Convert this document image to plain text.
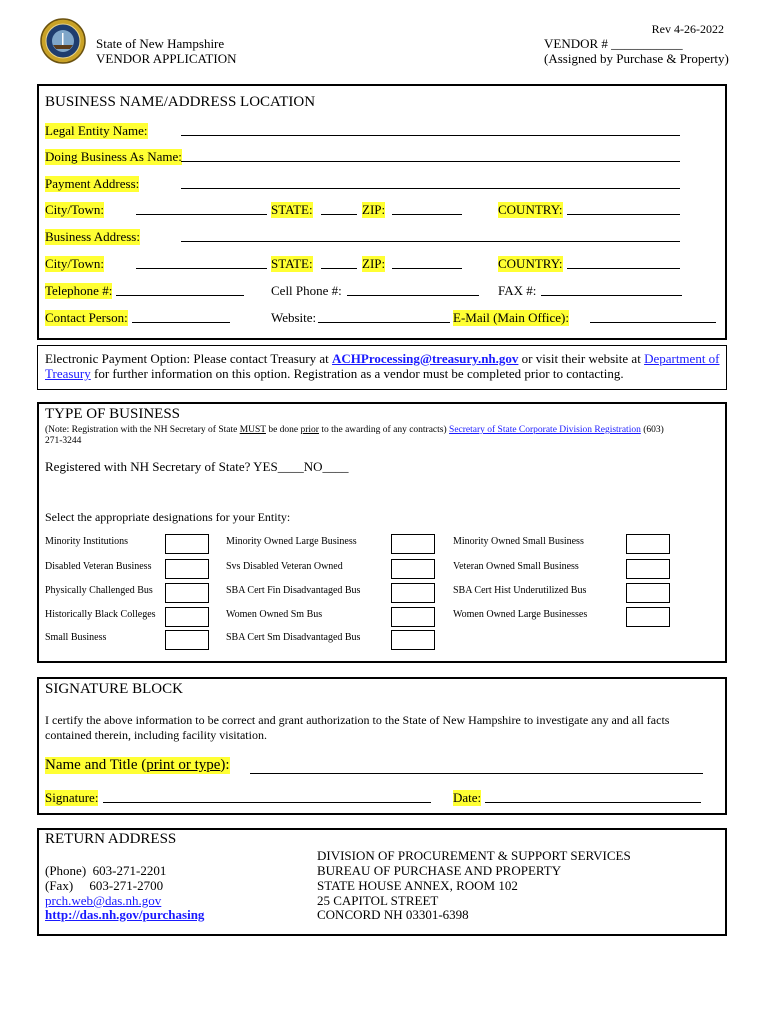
Rev 4-26-2022
State of New Hampshire
VENDOR APPLICATION
VENDOR # ___________
(Assigned by Purchase & Property)
BUSINESS NAME/ADDRESS LOCATION
Legal Entity Name:
Doing Business As Name:
Payment Address:
City/Town:	STATE:	ZIP:	COUNTRY:
Business Address:
City/Town:	STATE:	ZIP:	COUNTRY:
Telephone #:	Cell Phone #:	FAX #:
Contact Person:	Website:	E-Mail (Main Office):
Electronic Payment Option: Please contact Treasury at ACHProcessing@treasury.nh.gov or visit their website at Department of
Treasury for further information on this option. Registration as a vendor must be completed prior to contacting.
TYPE OF BUSINESS
(Note: Registration with the NH Secretary of State MUST be done prior to the awarding of any contracts) Secretary of State Corporate Division Registration (603)
271-3244
Registered with NH Secretary of State? YES____NO____
Select the appropriate designations for your Entity:
Minority Institutions	Minority Owned Large Business	Minority Owned Small Business
Disabled Veteran Business	Svs Disabled Veteran Owned	Veteran Owned Small Business
Physically Challenged Bus	SBA Cert Fin Disadvantaged Bus	SBA Cert Hist Underutilized Bus
Historically Black Colleges	Women Owned Sm Bus	Women Owned Large Businesses
Small Business	SBA Cert Sm Disadvantaged Bus
SIGNATURE BLOCK
I certify the above information to be correct and grant authorization to the State of New Hampshire to investigate any and all facts
contained therein, including facility visitation.
Name and Title (print or type):
Signature:	Date:
RETURN ADDRESS
(Phone)  603-271-2201
(Fax)     603-271-2700
prch.web@das.nh.gov
http://das.nh.gov/purchasing
DIVISION OF PROCUREMENT & SUPPORT SERVICES
BUREAU OF PURCHASE AND PROPERTY
STATE HOUSE ANNEX, ROOM 102
25 CAPITOL STREET
CONCORD NH 03301-6398
